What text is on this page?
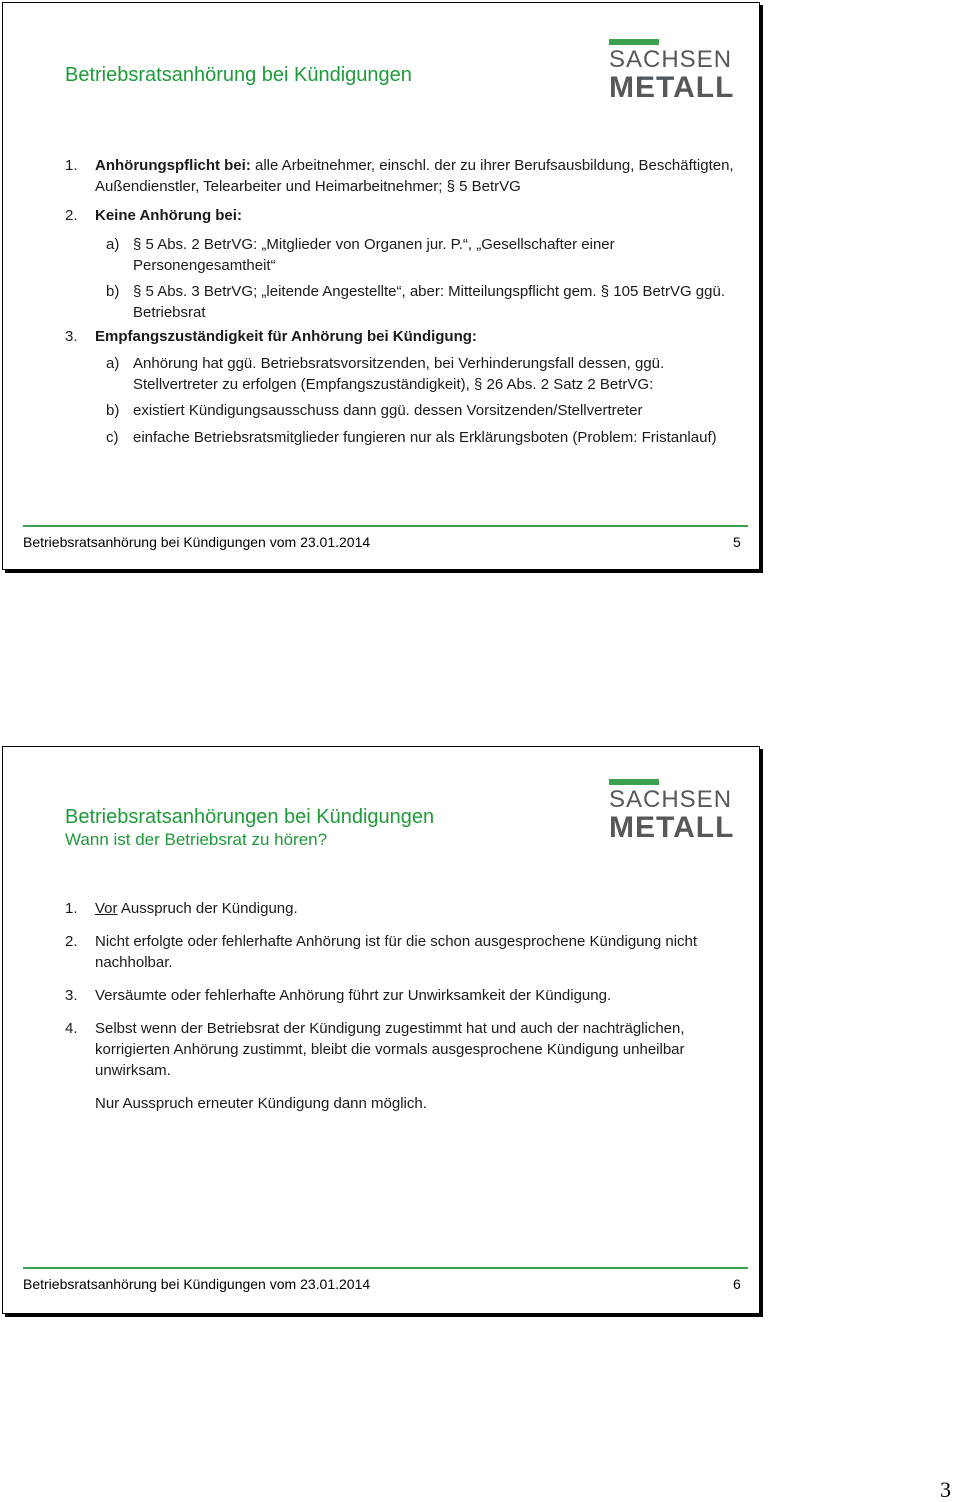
Betriebsratsanhörung bei Kündigungen
SACHSEN
METALL
1. Anhörungspflicht bei: alle Arbeitnehmer, einschl. der zu ihrer Berufsausbildung, Beschäftigten, Außendienstler, Telearbeiter und Heimarbeitnehmer; § 5 BetrVG
2. Keine Anhörung bei:
a) § 5 Abs. 2 BetrVG: „Mitglieder von Organen jur. P.“, „Gesellschafter einer Personengesamtheit“
b) § 5 Abs. 3 BetrVG; „leitende Angestellte“, aber: Mitteilungspflicht gem. § 105 BetrVG ggü. Betriebsrat
3. Empfangszuständigkeit für Anhörung bei Kündigung:
a) Anhörung hat ggü. Betriebsratsvorsitzenden, bei Verhinderungsfall dessen, ggü. Stellvertreter zu erfolgen (Empfangszuständigkeit), § 26 Abs. 2 Satz 2 BetrVG:
b) existiert Kündigungsausschuss dann ggü. dessen Vorsitzenden/Stellvertreter
c) einfache Betriebsratsmitglieder fungieren nur als Erklärungsboten (Problem: Fristanlauf)
Betriebsratsanhörung bei Kündigungen vom 23.01.2014	5
Betriebsratsanhörungen bei Kündigungen
Wann ist der Betriebsrat zu hören?
SACHSEN
METALL
1. Vor Ausspruch der Kündigung.
2. Nicht erfolgte oder fehlerhafte Anhörung ist für die schon ausgesprochene Kündigung nicht nachholbar.
3. Versäumte oder fehlerhafte Anhörung führt zur Unwirksamkeit der Kündigung.
4. Selbst wenn der Betriebsrat der Kündigung zugestimmt hat und auch der nachträglichen, korrigierten Anhörung zustimmt, bleibt die vormals ausgesprochene Kündigung unheilbar unwirksam.
Nur Ausspruch erneuter Kündigung dann möglich.
Betriebsratsanhörung bei Kündigungen vom 23.01.2014	6
3
